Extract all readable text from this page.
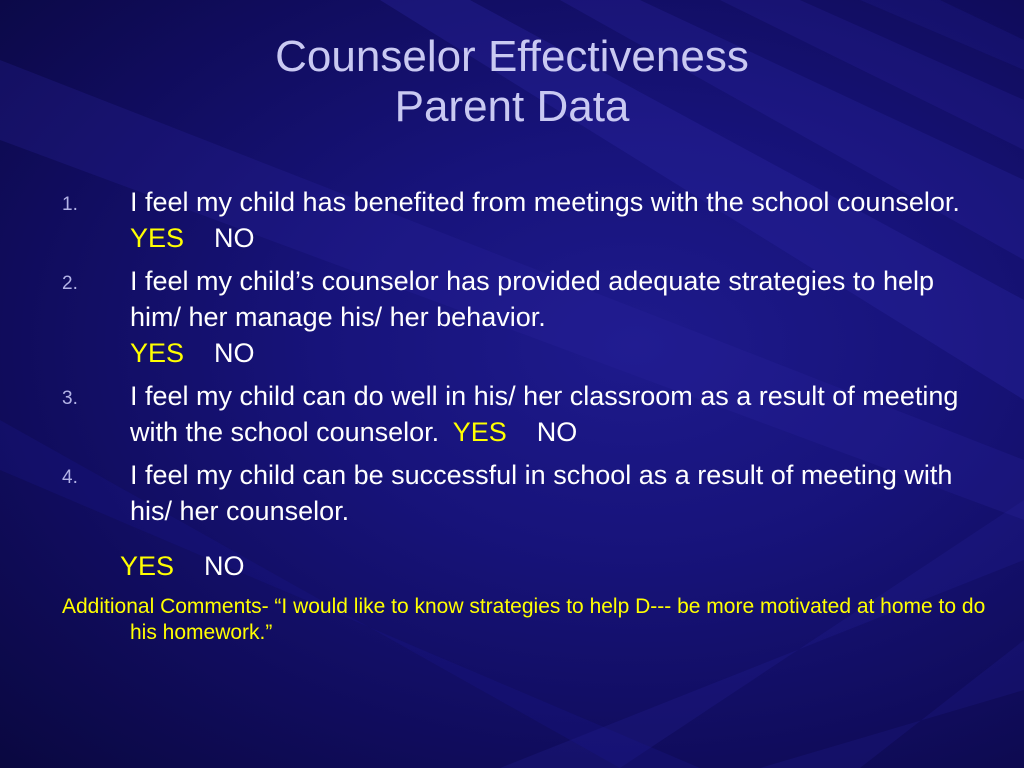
Counselor Effectiveness
Parent Data
1. I feel my child has benefited from meetings with the school counselor. YES NO
2. I feel my child’s counselor has provided adequate strategies to help him/ her manage his/ her behavior.
YES NO
3. I feel my child can do well in his/ her classroom as a result of meeting with the school counselor. YES NO
4. I feel my child can be successful in school as a result of meeting with his/ her counselor.
YES NO
Additional Comments- “I would like to know strategies to help D--- be more motivated at home to do his homework.”
